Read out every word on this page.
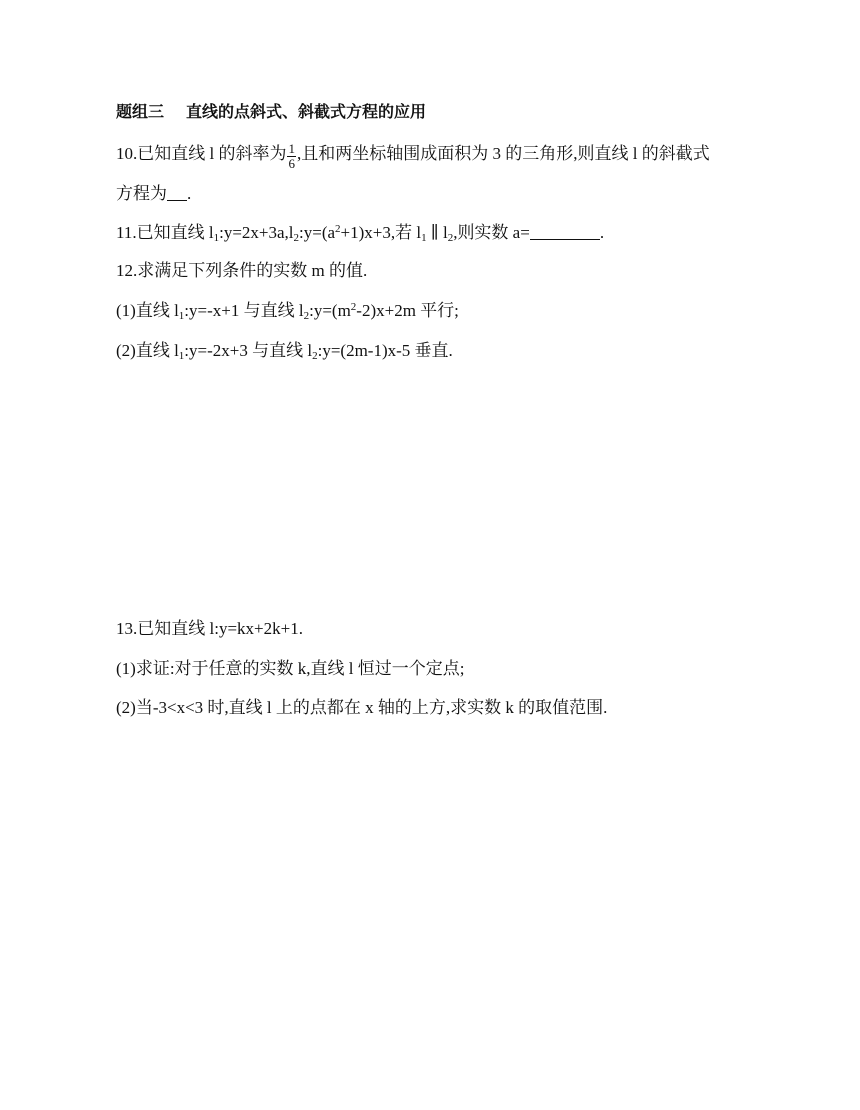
题组三 直线的点斜式、斜截式方程的应用
10.已知直线 l 的斜率为 $\frac{1}{6}$ ,且和两坐标轴围成面积为 3 的三角形,则直线 l 的斜截式
方程为 .
11.已知直线 $l_1:y=2x+3a,l_2:y=(a^2+1)x+3$,若 $l_1$ ∥ $l_2$,则实数 a=	.
12.求满足下列条件的实数 m 的值.
(1)直线 $l_1:y=-x+1$ 与直线 $l_2:y=(m^2-2)x+2m$ 平行;
(2)直线 $l_1:y=-2x+3$ 与直线 $l_2:y=(2m-1)x-5$ 垂直.
13.已知直线 l:y=kx+2k+1.
(1)求证:对于任意的实数 k,直线 l 恒过一个定点;
(2)当-3<x<3 时,直线 l 上的点都在 x 轴的上方,求实数 k 的取值范围.
